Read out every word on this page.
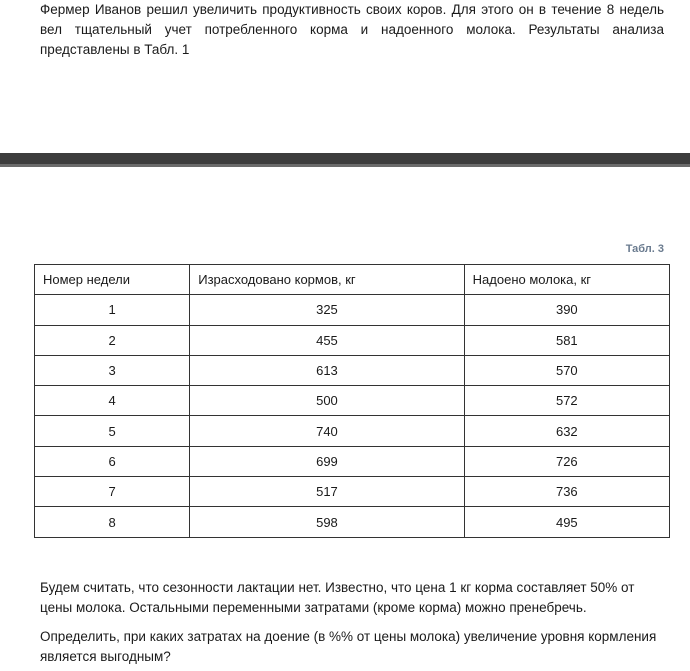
Фермер Иванов решил увеличить продуктивность своих коров. Для этого он в течение 8 недель вел тщательный учет потребленного корма и надоенного молока. Результаты анализа представлены в Табл. 1
Табл. 3
Номер недели	Израсходовано кормов, кг	Надоено молока, кг
1	325	390
2	455	581
3	613	570
4	500	572
5	740	632
6	699	726
7	517	736
8	598	495
Будем считать, что сезонности лактации нет. Известно, что цена 1 кг корма составляет 50% от цены молока. Остальными переменными затратами (кроме корма) можно пренебречь.
Определить, при каких затратах на доение (в %% от цены молока) увеличение уровня кормления является выгодным?
